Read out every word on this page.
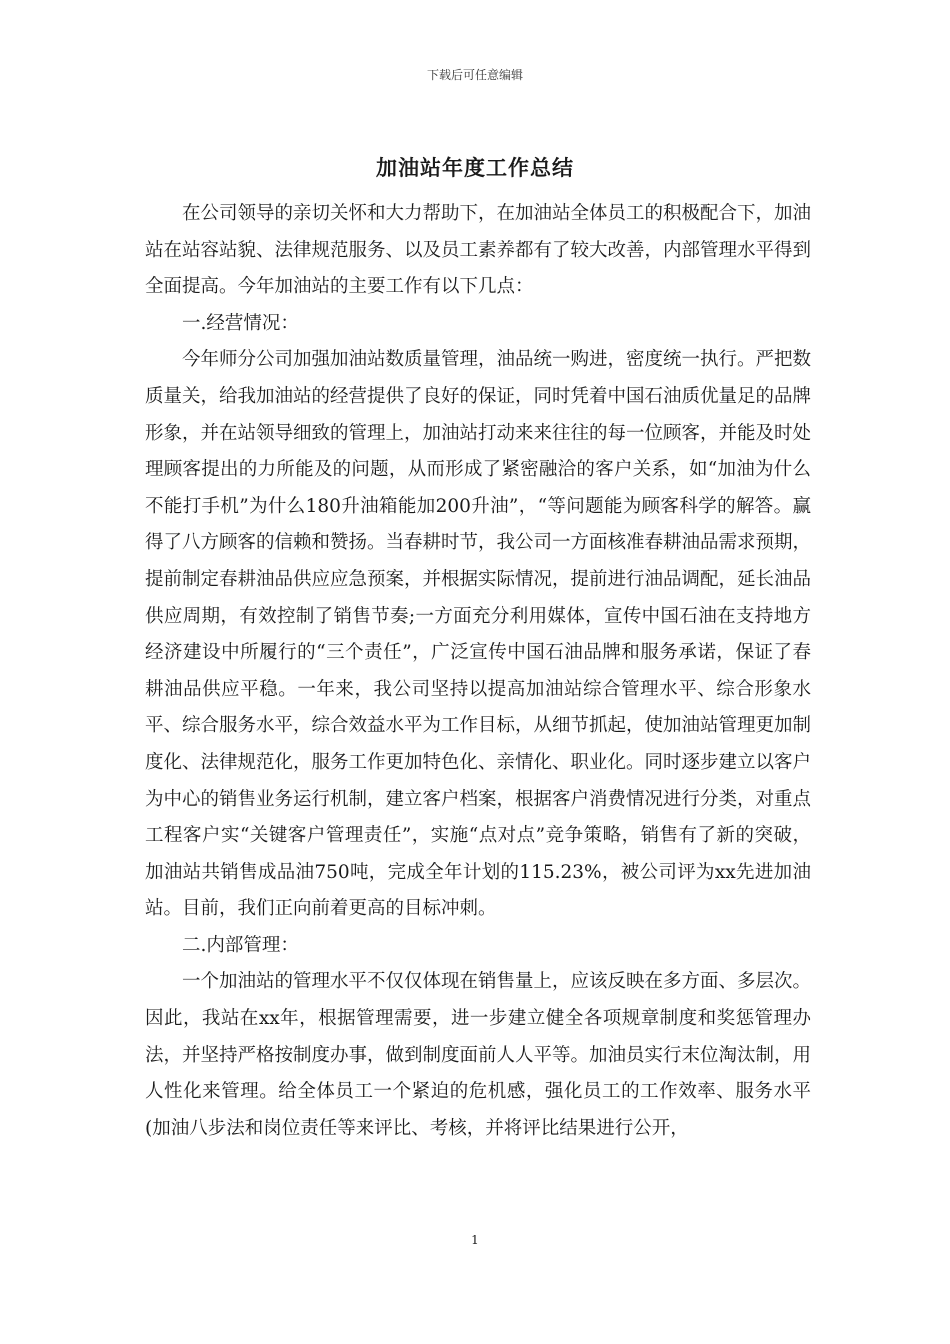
下载后可任意编辑
加油站年度工作总结

在公司领导的亲切关怀和大力帮助下，在加油站全体员工的积极配合下，加油站在站容站貌、法律规范服务、以及员工素养都有了较大改善，内部管理水平得到全面提高。今年加油站的主要工作有以下几点：

一.经营情况：

今年师分公司加强加油站数质量管理，油品统一购进，密度统一执行。严把数质量关，给我加油站的经营提供了良好的保证，同时凭着中国石油质优量足的品牌形象，并在站领导细致的管理上，加油站打动来来往往的每一位顾客，并能及时处理顾客提出的力所能及的问题，从而形成了紧密融洽的客户关系，如“加油为什么不能打手机”为什么180升油箱能加200升油”，“等问题能为顾客科学的解答。赢得了八方顾客的信赖和赞扬。当春耕时节，我公司一方面核准春耕油品需求预期，提前制定春耕油品供应应急预案，并根据实际情况，提前进行油品调配，延长油品供应周期，有效控制了销售节奏;一方面充分利用媒体，宣传中国石油在支持地方经济建设中所履行的“三个责任”，广泛宣传中国石油品牌和服务承诺，保证了春耕油品供应平稳。一年来，我公司坚持以提高加油站综合管理水平、综合形象水平、综合服务水平，综合效益水平为工作目标，从细节抓起，使加油站管理更加制度化、法律规范化，服务工作更加特色化、亲情化、职业化。同时逐步建立以客户为中心的销售业务运行机制，建立客户档案，根据客户消费情况进行分类，对重点工程客户实“关键客户管理责任”，实施“点对点”竞争策略，销售有了新的突破，加油站共销售成品油750吨，完成全年计划的115.23%，被公司评为xx先进加油站。目前，我们正向前着更高的目标冲刺。

二.内部管理：

一个加油站的管理水平不仅仅体现在销售量上，应该反映在多方面、多层次。因此，我站在xx年，根据管理需要，进一步建立健全各项规章制度和奖惩管理办法，并坚持严格按制度办事，做到制度面前人人平等。加油员实行末位淘汰制，用人性化来管理。给全体员工一个紧迫的危机感，强化员工的工作效率、服务水平(加油八步法和岗位责任等来评比、考核，并将评比结果进行公开，

1
